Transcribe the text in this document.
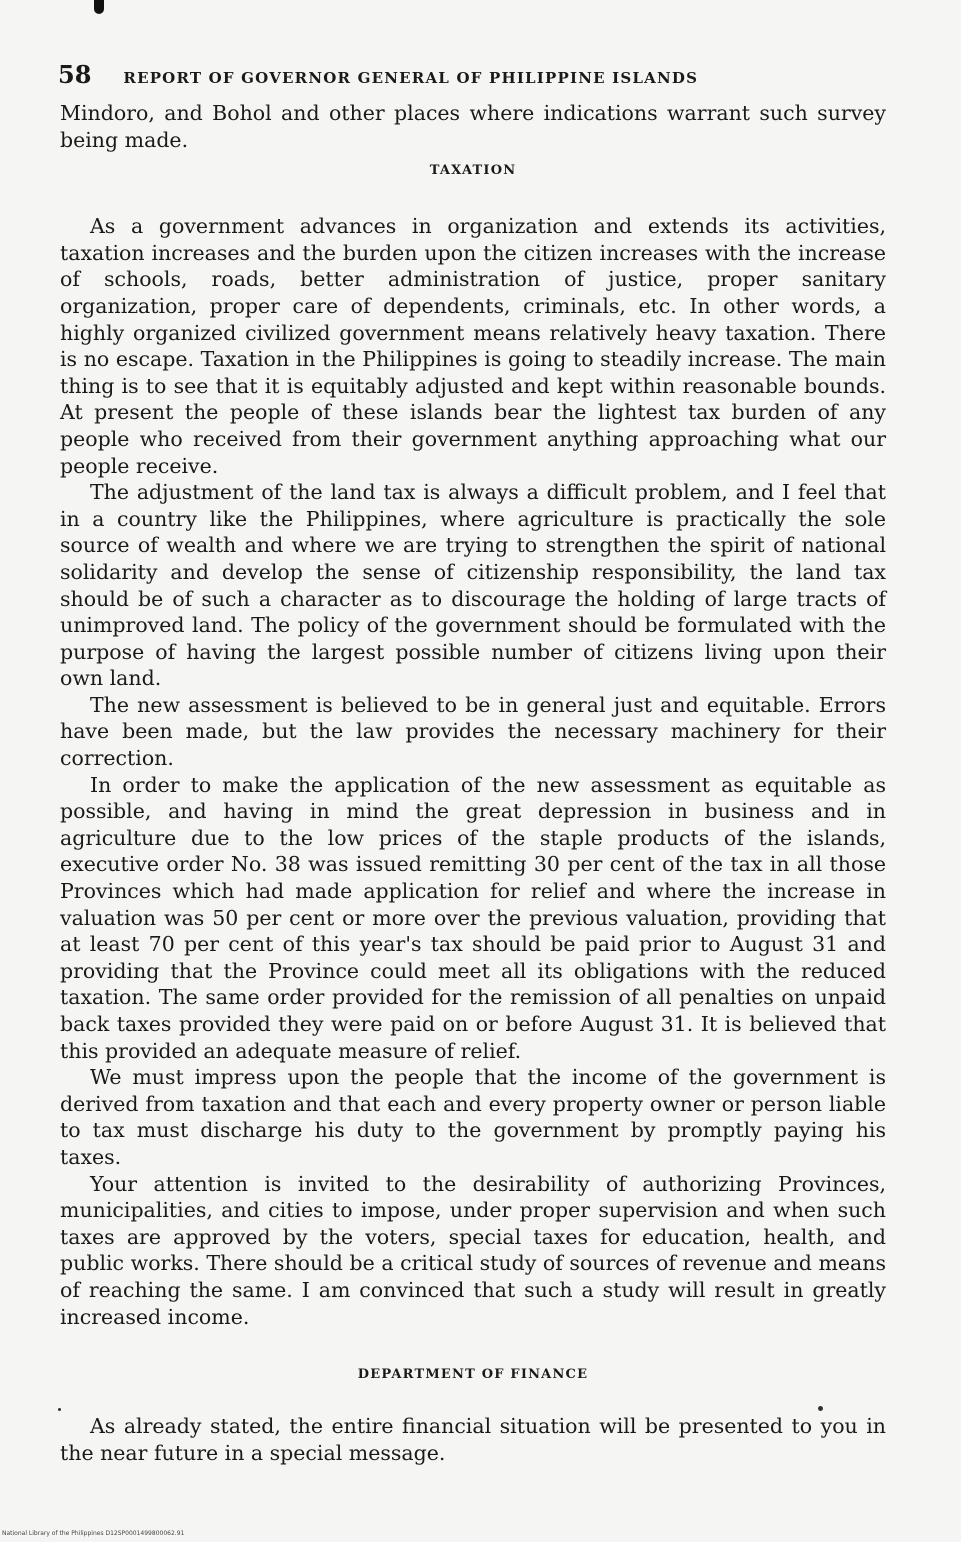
58 REPORT OF GOVERNOR GENERAL OF PHILIPPINE ISLANDS

Mindoro, and Bohol and other places where indications warrant such survey being made.

TAXATION

As a government advances in organization and extends its activities, taxation increases and the burden upon the citizen increases with the increase of schools, roads, better administration of justice, proper sanitary organization, proper care of dependents, criminals, etc. In other words, a highly organized civilized government means relatively heavy taxation. There is no escape. Taxation in the Philippines is going to steadily increase. The main thing is to see that it is equitably adjusted and kept within reasonable bounds. At present the people of these islands bear the lightest tax burden of any people who received from their government anything approaching what our people receive.

The adjustment of the land tax is always a difficult problem, and I feel that in a country like the Philippines, where agriculture is practically the sole source of wealth and where we are trying to strengthen the spirit of national solidarity and develop the sense of citizenship responsibility, the land tax should be of such a character as to discourage the holding of large tracts of unimproved land. The policy of the government should be formulated with the purpose of having the largest possible number of citizens living upon their own land.

The new assessment is believed to be in general just and equitable. Errors have been made, but the law provides the necessary machinery for their correction.

In order to make the application of the new assessment as equitable as possible, and having in mind the great depression in business and in agriculture due to the low prices of the staple products of the islands, executive order No. 38 was issued remitting 30 per cent of the tax in all those Provinces which had made application for relief and where the increase in valuation was 50 per cent or more over the previous valuation, providing that at least 70 per cent of this year's tax should be paid prior to August 31 and providing that the Province could meet all its obligations with the reduced taxation. The same order provided for the remission of all penalties on unpaid back taxes provided they were paid on or before August 31. It is believed that this provided an adequate measure of relief.

We must impress upon the people that the income of the government is derived from taxation and that each and every property owner or person liable to tax must discharge his duty to the government by promptly paying his taxes.

Your attention is invited to the desirability of authorizing Provinces, municipalities, and cities to impose, under proper supervision and when such taxes are approved by the voters, special taxes for education, health, and public works. There should be a critical study of sources of revenue and means of reaching the same. I am convinced that such a study will result in greatly increased income.

DEPARTMENT OF FINANCE

As already stated, the entire financial situation will be presented to you in the near future in a special message.

National Library of the Philippines D12SP0001499800062.91
